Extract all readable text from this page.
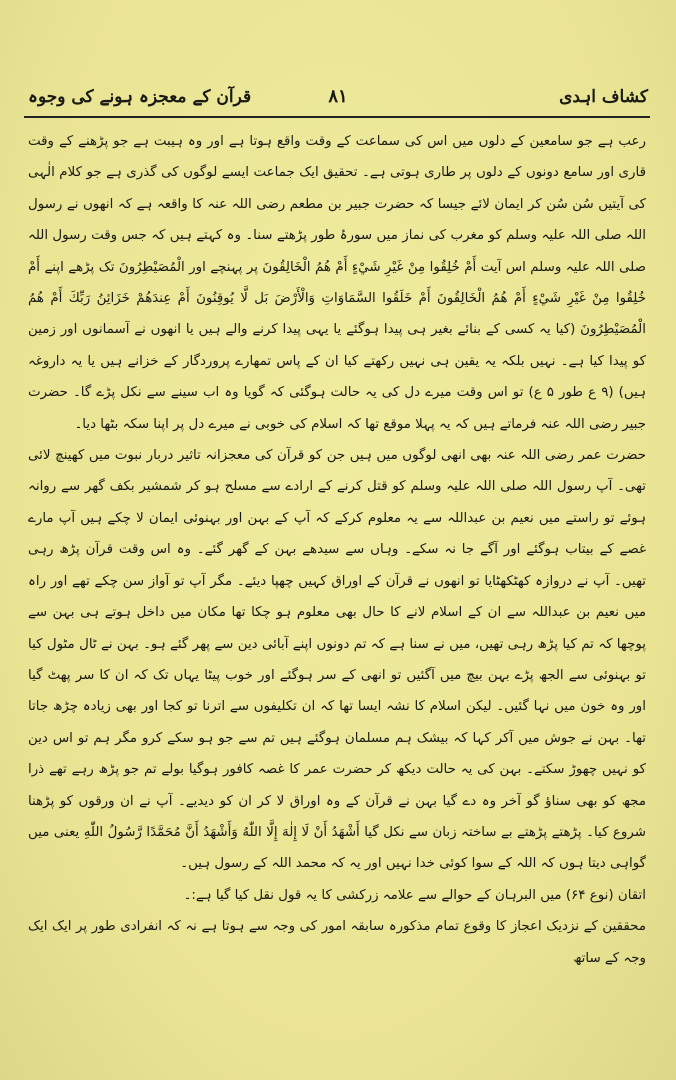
کشاف اہدی
۸۱
قرآن کے معجزہ ہونے کی وجوہ

رعب ہے جو سامعین کے دلوں میں اس کی سماعت کے وقت واقع ہوتا ہے اور وہ ہیبت ہے جو پڑھنے کے وقت قاری اور سامع دونوں کے دلوں پر طاری ہوتی ہے۔ تحقیق ایک جماعت ایسے لوگوں کی گذری ہے جو کلام الٰہی کی آیتیں سُن سُن کر ایمان لائے جیسا کہ حضرت جبیر بن مطعم رضی اللہ عنہ کا واقعہ ہے کہ انھوں نے رسول اللہ صلی اللہ علیہ وسلم کو مغرب کی نماز میں سورۂ طور پڑھتے سنا۔ وہ کہتے ہیں کہ جس وقت رسول اللہ صلی اللہ علیہ وسلم اس آیت أَمْ خُلِقُوا مِنْ غَيْرِ شَيْءٍ أَمْ هُمُ الْخَالِقُونَ پر پہنچے اور الْمُصَيْطِرُونَ تک پڑھے اپنے أَمْ خُلِقُوا مِنْ غَيْرِ شَيْءٍ أَمْ هُمُ الْخَالِقُونَ أَمْ خَلَقُوا السَّمَاوَاتِ وَالْأَرْضَ بَل لَّا يُوقِنُونَ أَمْ عِندَهُمْ خَزَائِنُ رَبِّكَ أَمْ هُمُ الْمُصَيْطِرُونَ (کیا یہ کسی کے بنائے بغیر ہی پیدا ہوگئے یا یہی پیدا کرنے والے ہیں یا انھوں نے آسمانوں اور زمین کو پیدا کیا ہے۔ نہیں بلکہ یہ یقین ہی نہیں رکھتے کیا ان کے پاس تمھارے پروردگار کے خزانے ہیں یا یہ داروغہ ہیں) (۹ ع طور ۵ ع) تو اس وقت میرے دل کی یہ حالت ہوگئی کہ گویا وہ اب سینے سے نکل پڑے گا۔ حضرت جبیر رضی اللہ عنہ فرماتے ہیں کہ یہ پہلا موقع تھا کہ اسلام کی خوبی نے میرے دل پر اپنا سکہ بٹھا دیا۔

حضرت عمر رضی اللہ عنہ بھی انھی لوگوں میں ہیں جن کو قرآن کی معجزانہ تاثیر دربار نبوت میں کھینچ لائی تھی۔ آپ رسول اللہ صلی اللہ علیہ وسلم کو قتل کرنے کے ارادے سے مسلح ہو کر شمشیر بکف گھر سے روانہ ہوئے تو راستے میں نعیم بن عبداللہ سے یہ معلوم کرکے کہ آپ کے بہن اور بہنوئی ایمان لا چکے ہیں آپ مارے غصے کے بیتاب ہوگئے اور آگے جا نہ سکے۔ وہاں سے سیدھے بہن کے گھر گئے۔ وہ اس وقت قرآن پڑھ رہی تھیں۔ آپ نے دروازہ کھٹکھٹایا تو انھوں نے قرآن کے اوراق کہیں چھپا دیئے۔ مگر آپ تو آواز سن چکے تھے اور راہ میں نعیم بن عبداللہ سے ان کے اسلام لانے کا حال بھی معلوم ہو چکا تھا مکان میں داخل ہوتے ہی بہن سے پوچھا کہ تم کیا پڑھ رہی تھیں، میں نے سنا ہے کہ تم دونوں اپنے آبائی دین سے پھر گئے ہو۔ بہن نے ٹال مٹول کیا تو بہنوئی سے الجھ پڑے بہن بیچ میں آگئیں تو انھی کے سر ہوگئے اور خوب پیٹا یہاں تک کہ ان کا سر پھٹ گیا اور وہ خون میں نہا گئیں۔ لیکن اسلام کا نشہ ایسا تھا کہ ان تکلیفوں سے اترنا تو کجا اور بھی زیادہ چڑھ جاتا تھا۔ بہن نے جوش میں آکر کہا کہ بیشک ہم مسلمان ہوگئے ہیں تم سے جو ہو سکے کرو مگر ہم تو اس دین کو نہیں چھوڑ سکتے۔ بہن کی یہ حالت دیکھ کر حضرت عمر کا غصہ کافور ہوگیا بولے تم جو پڑھ رہے تھے ذرا مجھ کو بھی سناؤ گو آخر وہ دے گیا بہن نے قرآن کے وہ اوراق لا کر ان کو دیدیے۔ آپ نے ان ورقوں کو پڑھنا شروع کیا۔ پڑھتے پڑھتے بے ساختہ زبان سے نکل گیا أَشْهَدُ أَنْ لَا إِلٰهَ إِلَّا اللّٰهُ وَأَشْهَدُ أَنَّ مُحَمَّدًا رَّسُولُ اللّٰهِ یعنی میں گواہی دیتا ہوں کہ اللہ کے سوا کوئی خدا نہیں اور یہ کہ محمد اللہ کے رسول ہیں۔

اتقان (نوع ۶۴) میں البرہان کے حوالے سے علامہ زرکشی کا یہ قول نقل کیا گیا ہے:۔

محققین کے نزدیک اعجاز کا وقوع تمام مذکورہ سابقہ امور کی وجہ سے ہوتا ہے نہ کہ انفرادی طور پر ایک ایک وجہ کے ساتھ
